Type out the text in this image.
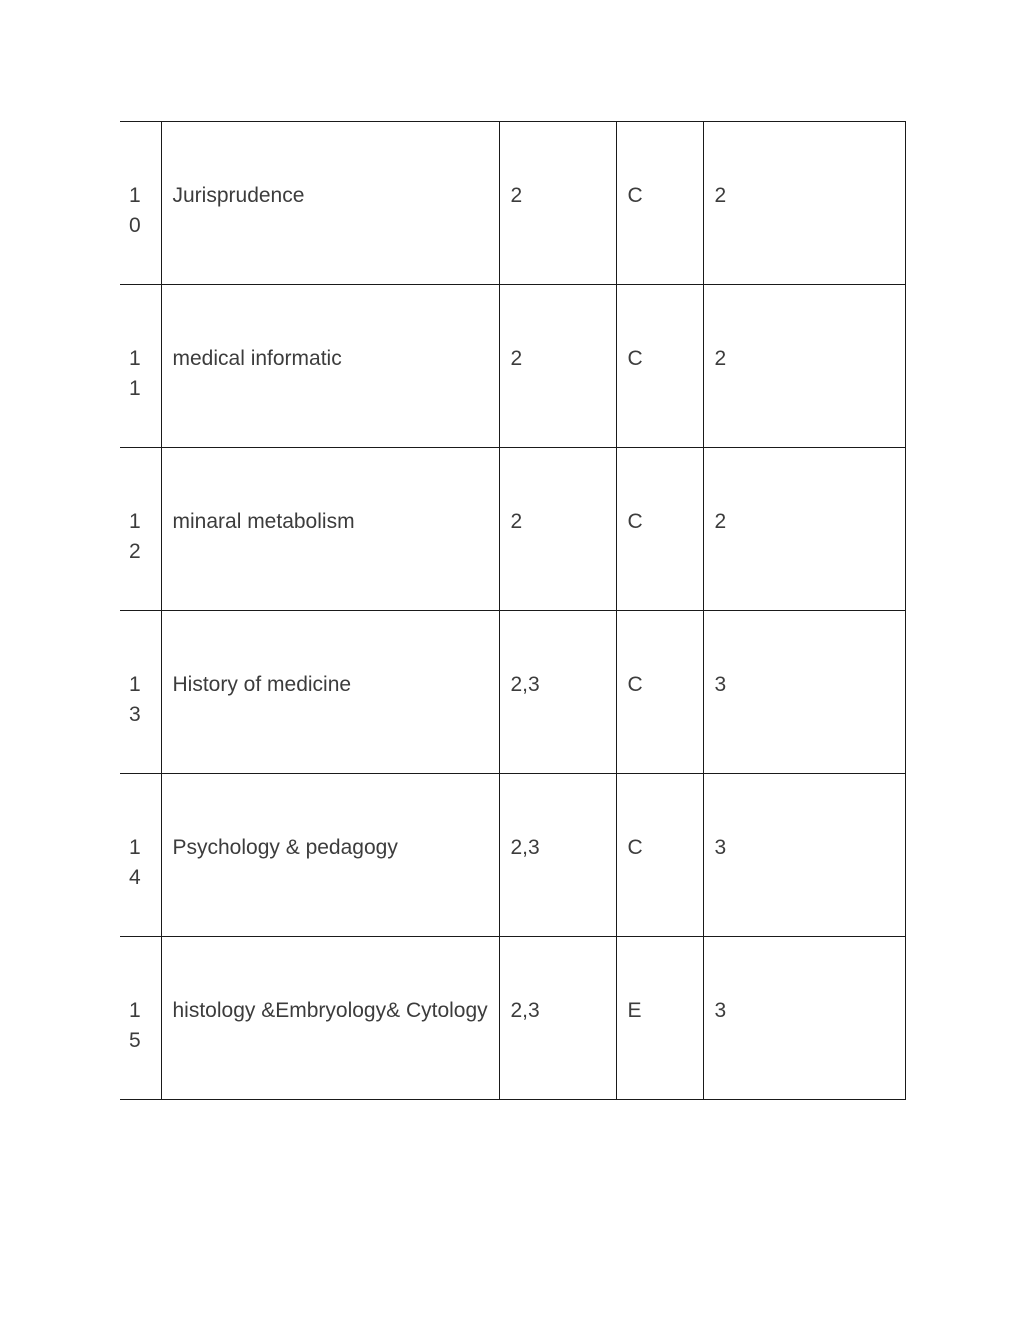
10	Jurisprudence	2	C	2

11	medical informatic	2	C	2

12	minaral metabolism	2	C	2

13	History of medicine	2,3	C	3

14	Psychology & pedagogy	2,3	C	3

15	histology &Embryology& Cytology	2,3	E	3
